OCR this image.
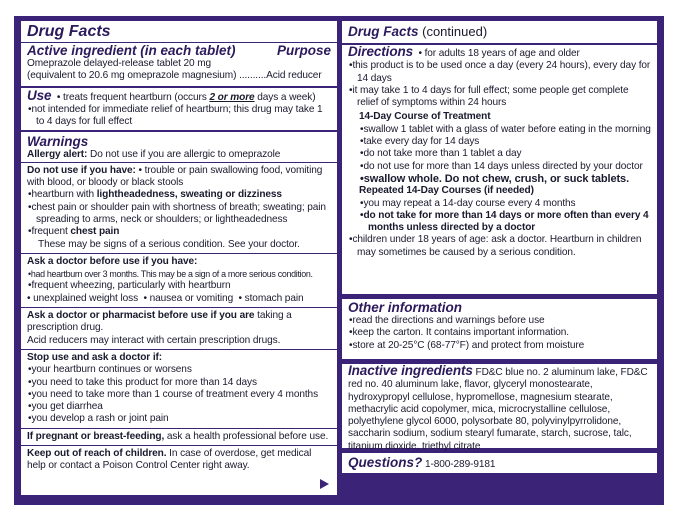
Drug Facts
Active ingredient (in each tablet)	Purpose
Omeprazole delayed-release tablet 20 mg
(equivalent to 20.6 mg omeprazole magnesium) ..........Acid reducer
Use  • treats frequent heartburn (occurs 2 or more days a week)
• not intended for immediate relief of heartburn; this drug may take 1 to 4 days for full effect
Warnings
Allergy alert: Do not use if you are allergic to omeprazole
Do not use if you have: • trouble or pain swallowing food, vomiting with blood, or bloody or black stools
• heartburn with lightheadedness, sweating or dizziness
• chest pain or shoulder pain with shortness of breath; sweating; pain spreading to arms, neck or shoulders; or lightheadedness
• frequent chest pain
These may be signs of a serious condition. See your doctor.
Ask a doctor before use if you have:
• had heartburn over 3 months. This may be a sign of a more serious condition.
• frequent wheezing, particularly with heartburn
• unexplained weight loss  • nausea or vomiting  • stomach pain
Ask a doctor or pharmacist before use if you are taking a prescription drug.
Acid reducers may interact with certain prescription drugs.
Stop use and ask a doctor if:
• your heartburn continues or worsens
• you need to take this product for more than 14 days
• you need to take more than 1 course of treatment every 4 months
• you get diarrhea
• you develop a rash or joint pain
If pregnant or breast-feeding, ask a health professional before use.
Keep out of reach of children. In case of overdose, get medical help or contact a Poison Control Center right away.
Drug Facts (continued)
Directions  • for adults 18 years of age and older
• this product is to be used once a day (every 24 hours), every day for 14 days
• it may take 1 to 4 days for full effect; some people get complete relief of symptoms within 24 hours
14-Day Course of Treatment
• swallow 1 tablet with a glass of water before eating in the morning
• take every day for 14 days
• do not take more than 1 tablet a day
• do not use for more than 14 days unless directed by your doctor
• swallow whole. Do not chew, crush, or suck tablets.
Repeated 14-Day Courses (if needed)
• you may repeat a 14-day course every 4 months
• do not take for more than 14 days or more often than every 4 months unless directed by a doctor
• children under 18 years of age: ask a doctor. Heartburn in children may sometimes be caused by a serious condition.
Other information
• read the directions and warnings before use
• keep the carton. It contains important information.
• store at 20-25°C (68-77°F) and protect from moisture
Inactive ingredients FD&C blue no. 2 aluminum lake, FD&C red no. 40 aluminum lake, flavor, glyceryl monostearate, hydroxypropyl cellulose, hypromellose, magnesium stearate, methacrylic acid copolymer, mica, microcrystalline cellulose, polyethylene glycol 6000, polysorbate 80, polyvinylpyrrolidone, saccharin sodium, sodium stearyl fumarate, starch, sucrose, talc, titanium dioxide, triethyl citrate
Questions? 1-800-289-9181
